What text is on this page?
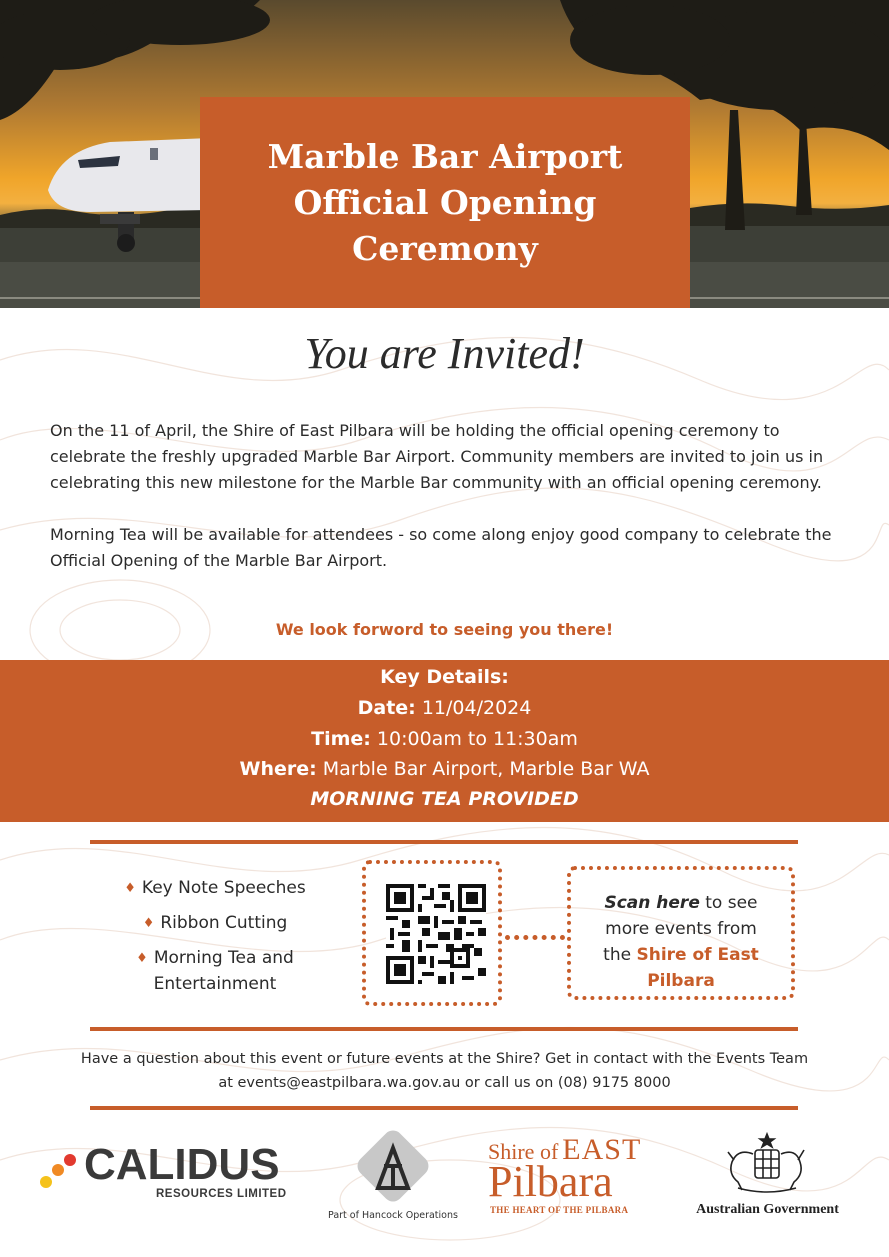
Marble Bar Airport
Official Opening
Ceremony
You are Invited!

On the 11 of April, the Shire of East Pilbara will be holding the official opening ceremony to celebrate the freshly upgraded Marble Bar Airport. Community members are invited to join us in celebrating this new milestone for the Marble Bar community with an official opening ceremony.

Morning Tea will be available for attendees - so come along enjoy good company to celebrate the Official Opening of the Marble Bar Airport.

We look forword to seeing you there!
Key Details:
Date: 11/04/2024
Time: 10:00am to 11:30am
Where: Marble Bar Airport, Marble Bar WA
MORNING TEA PROVIDED
♦ Key Note Speeches
♦ Ribbon Cutting
♦ Morning Tea and
Entertainment
Scan here to see
more events from
the Shire of East
Pilbara
Have a question about this event or future events at the Shire? Get in contact with the Events Team
at events@eastpilbara.wa.gov.au or call us on (08) 9175 8000
CALIDUS
RESOURCES LIMITED
Part of Hancock Operations
Shire of EAST
Pilbara
THE HEART OF THE PILBARA	Australian Government
